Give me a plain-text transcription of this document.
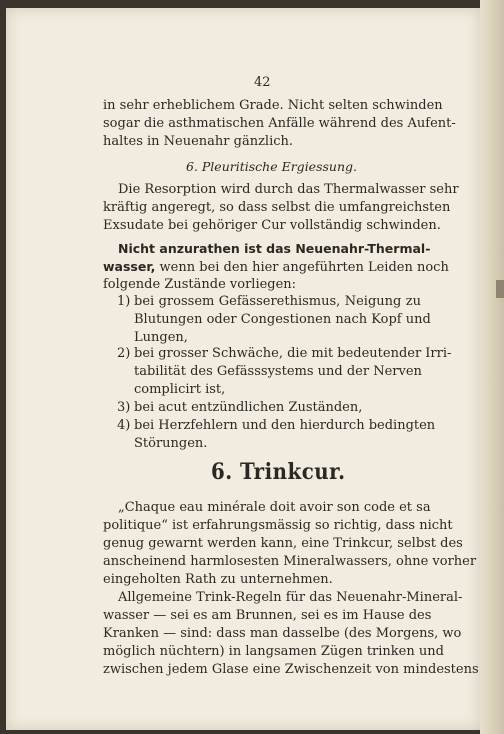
42
in sehr erheblichem Grade. Nicht selten schwinden
sogar die asthmatischen Anfälle während des Aufent-
haltes in Neuenahr gänzlich.
6. Pleuritische Ergiessung.
Die Resorption wird durch das Thermalwasser sehr
kräftig angeregt, so dass selbst die umfangreichsten
Exsudate bei gehöriger Cur vollständig schwinden.
Nicht anzurathen ist das Neuenahr-Thermal-
wasser, wenn bei den hier angeführten Leiden noch
folgende Zustände vorliegen:
1) bei grossem Gefässerethismus, Neigung zu
Blutungen oder Congestionen nach Kopf und
Lungen,
2) bei grosser Schwäche, die mit bedeutender Irri-
tabilität des Gefässsystems und der Nerven
complicirt ist,
3) bei acut entzündlichen Zuständen,
4) bei Herzfehlern und den hierdurch bedingten
Störungen.
6. Trinkcur.
„Chaque eau minérale doit avoir son code et sa
politique“ ist erfahrungsmässig so richtig, dass nicht
genug gewarnt werden kann, eine Trinkcur, selbst des
anscheinend harmlosesten Mineralwassers, ohne vorher
eingeholten Rath zu unternehmen.
Allgemeine Trink-Regeln für das Neuenahr-Mineral-
wasser — sei es am Brunnen, sei es im Hause des
Kranken — sind: dass man dasselbe (des Morgens, wo
möglich nüchtern) in langsamen Zügen trinken und
zwischen jedem Glase eine Zwischenzeit von mindestens
